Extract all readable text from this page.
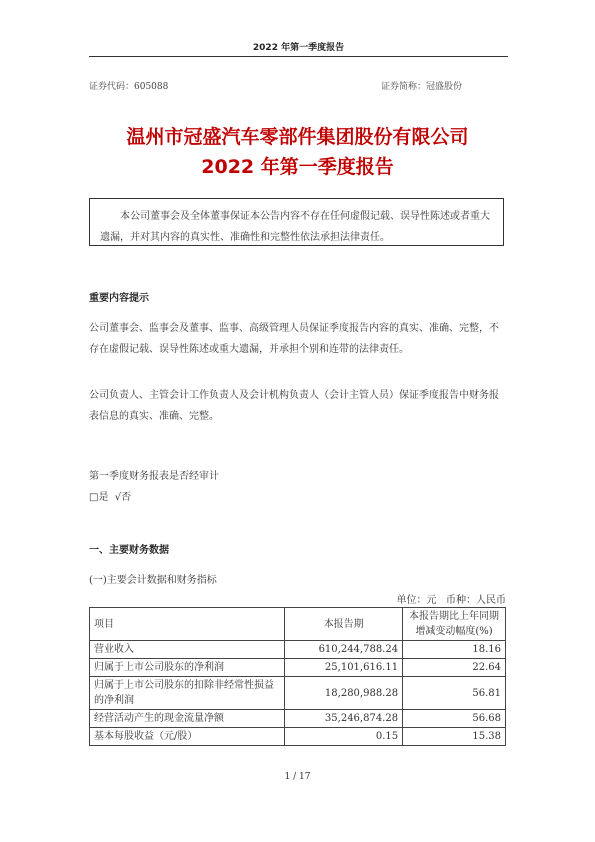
2022 年第一季度报告
证券代码：605088	证券简称：冠盛股份
温州市冠盛汽车零部件集团股份有限公司
2022 年第一季度报告
本公司董事会及全体董事保证本公告内容不存在任何虚假记载、误导性陈述或者重大遗漏，并对其内容的真实性、准确性和完整性依法承担法律责任。
重要内容提示
公司董事会、监事会及董事、监事、高级管理人员保证季度报告内容的真实、准确、完整，不存在虚假记载、误导性陈述或重大遗漏，并承担个别和连带的法律责任。
公司负责人、主管会计工作负责人及会计机构负责人（会计主管人员）保证季度报告中财务报表信息的真实、准确、完整。
第一季度财务报表是否经审计
□是  √否
一、主要财务数据
(一)主要会计数据和财务指标
单位：元   币种：人民币
项目	本报告期	本报告期比上年同期增减变动幅度(%)
营业收入	610,244,788.24	18.16
归属于上市公司股东的净利润	25,101,616.11	22.64
归属于上市公司股东的扣除非经常性损益的净利润	18,280,988.28	56.81
经营活动产生的现金流量净额	35,246,874.28	56.68
基本每股收益（元/股）	0.15	15.38
1 / 17
